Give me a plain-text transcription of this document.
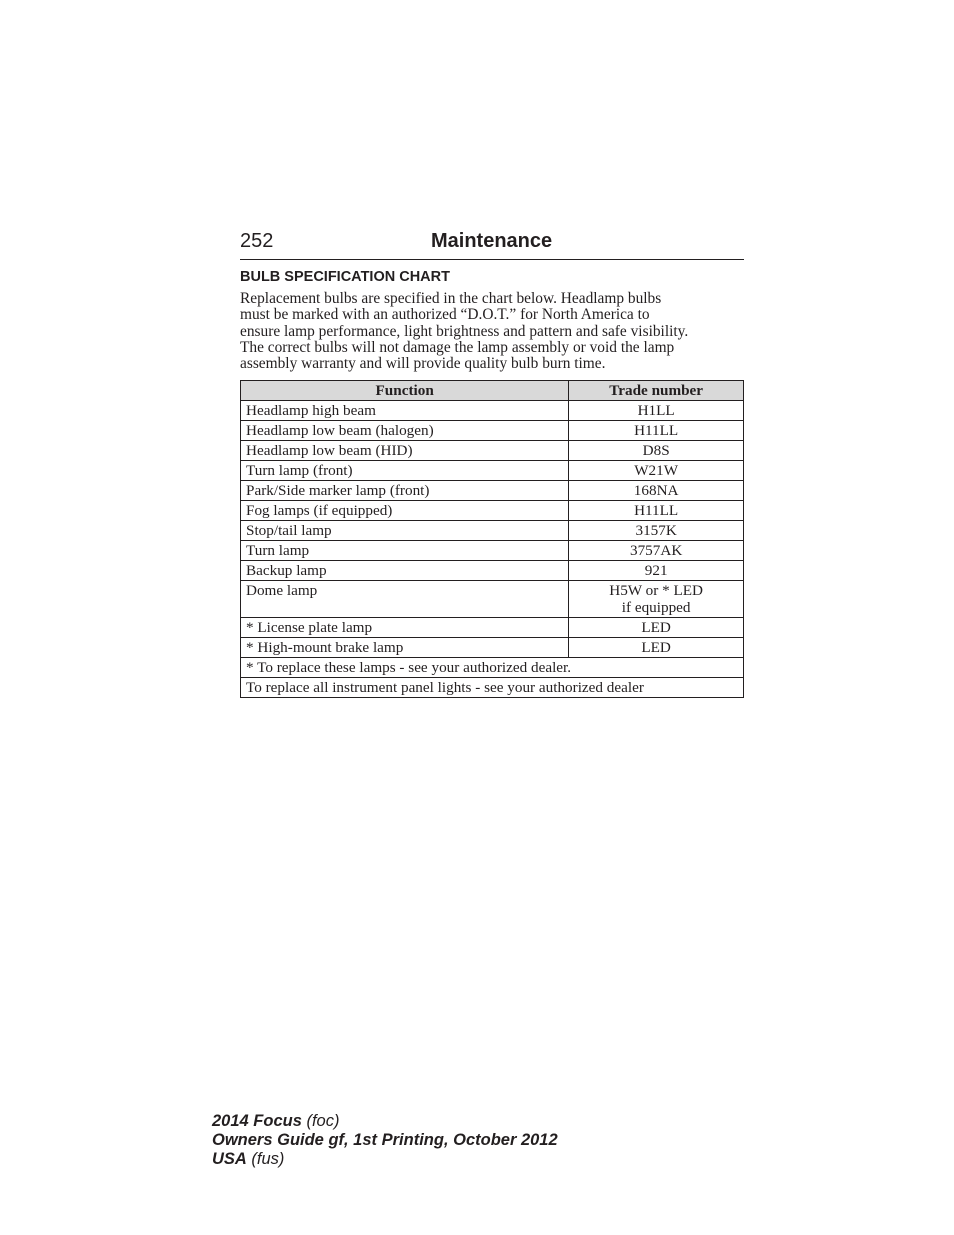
252	Maintenance
BULB SPECIFICATION CHART

Replacement bulbs are specified in the chart below. Headlamp bulbs
must be marked with an authorized “D.O.T.” for North America to
ensure lamp performance, light brightness and pattern and safe visibility.
The correct bulbs will not damage the lamp assembly or void the lamp
assembly warranty and will provide quality bulb burn time.

Function	Trade number
Headlamp high beam	H1LL
Headlamp low beam (halogen)	H11LL
Headlamp low beam (HID)	D8S
Turn lamp (front)	W21W
Park/Side marker lamp (front)	168NA
Fog lamps (if equipped)	H11LL
Stop/tail lamp	3157K
Turn lamp	3757AK
Backup lamp	921
Dome lamp	H5W or * LED
if equipped
* License plate lamp	LED
* High-mount brake lamp	LED
* To replace these lamps - see your authorized dealer.	
To replace all instrument panel lights - see your authorized dealer	
2014 Focus (foc)
Owners Guide gf, 1st Printing, October 2012
USA (fus)
